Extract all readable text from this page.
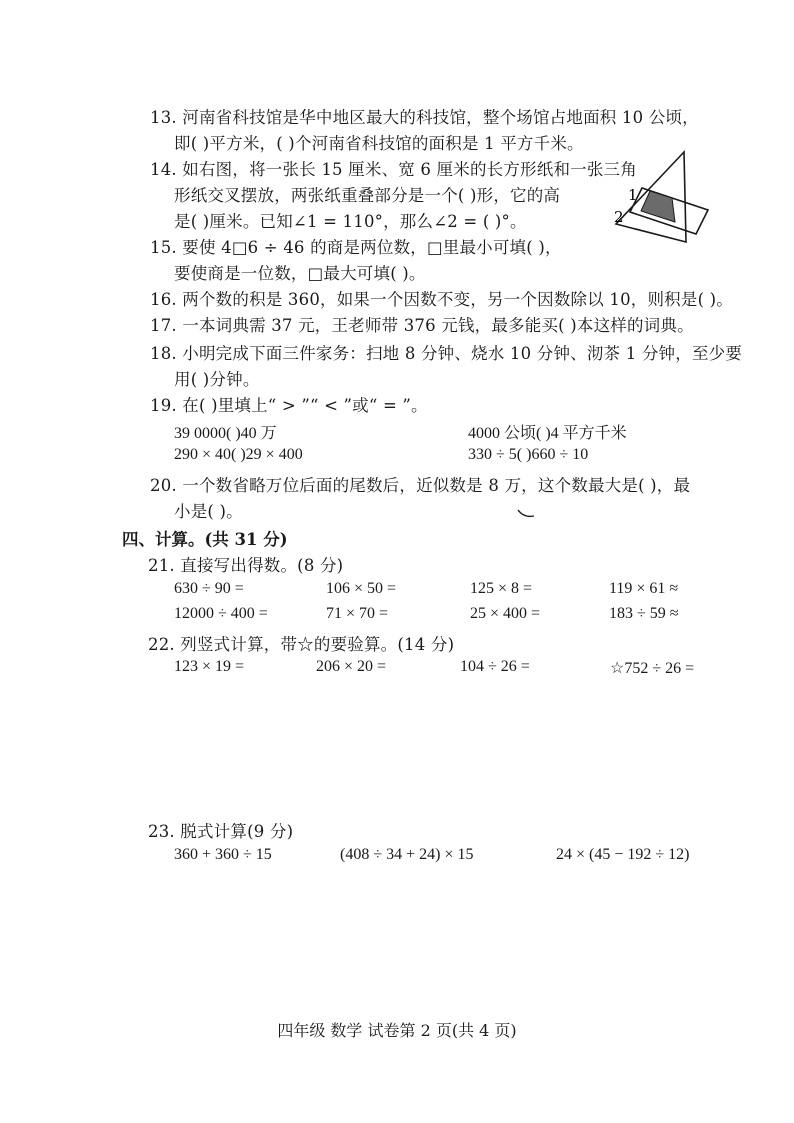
13. 河南省科技馆是华中地区最大的科技馆，整个场馆占地面积 10 公顷，
即( )平方米，( )个河南省科技馆的面积是 1 平方千米。
14. 如右图，将一张长 15 厘米、宽 6 厘米的长方形纸和一张三角
形纸交叉摆放，两张纸重叠部分是一个( )形，它的高
是( )厘米。已知∠1 = 110°，那么∠2 = ( )°。
1
2
15. 要使 4□6 ÷ 46 的商是两位数，□里最小可填( )，
要使商是一位数，□最大可填( )。
16. 两个数的积是 360，如果一个因数不变，另一个因数除以 10，则积是( )。
17. 一本词典需 37 元，王老师带 376 元钱，最多能买( )本这样的词典。
18. 小明完成下面三件家务：扫地 8 分钟、烧水 10 分钟、沏茶 1 分钟，至少要
用( )分钟。
19. 在( )里填上“ > ”“ < ”或“ = ”。
39 0000( )40 万	4000 公顷( )4 平方千米
290 × 40( )29 × 400	330 ÷ 5( )660 ÷ 10
20. 一个数省略万位后面的尾数后，近似数是 8 万，这个数最大是( )，最
小是( )。
四、计算。(共 31 分)
21. 直接写出得数。(8 分)
630 ÷ 90 =	106 × 50 =	125 × 8 =	119 × 61 ≈
12000 ÷ 400 =	71 × 70 =	25 × 400 =	183 ÷ 59 ≈
22. 列竖式计算，带☆的要验算。(14 分)
123 × 19 =	206 × 20 =	104 ÷ 26 =	☆752 ÷ 26 =
23. 脱式计算(9 分)
360 + 360 ÷ 15	(408 ÷ 34 + 24) × 15	24 × (45 − 192 ÷ 12)
四年级 数学 试卷第 2 页(共 4 页)
